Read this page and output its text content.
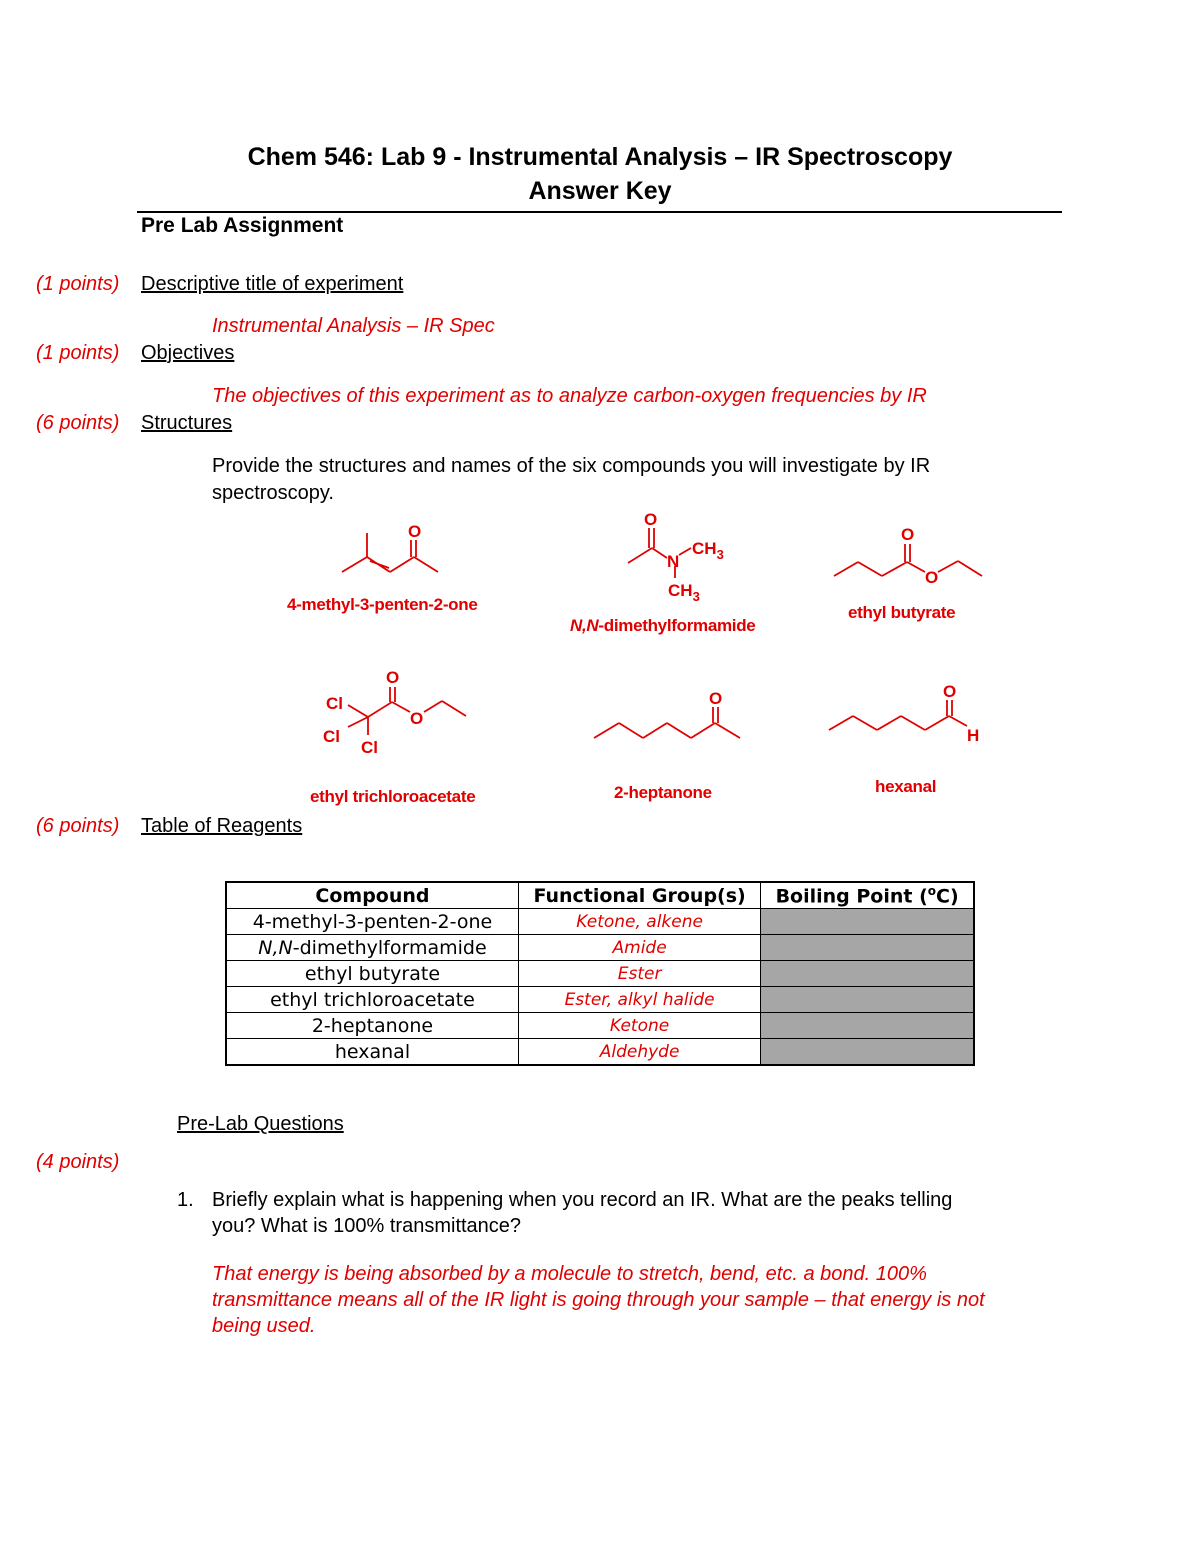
Chem 546: Lab 9 - Instrumental Analysis – IR Spectroscopy
Answer Key
Pre Lab Assignment
(1 points) Descriptive title of experiment
Instrumental Analysis – IR Spec
(1 points) Objectives
The objectives of this experiment as to analyze carbon-oxygen frequencies by IR
(6 points) Structures
Provide the structures and names of the six compounds you will investigate by IR
spectroscopy.
O
4-methyl-3-penten-2-one
O
N
$CH_3$
$CH_3$
N,N-dimethylformamide
O
O
ethyl butyrate
O
O
Cl
Cl
Cl
ethyl trichloroacetate
O
2-heptanone
O
H
hexanal
(6 points) Table of Reagents
Compound	Functional Group(s)	Boiling Point ($^o$C)
4-methyl-3-penten-2-one	Ketone, alkene	
N,N-dimethylformamide	Amide	
ethyl butyrate	Ester	
ethyl trichloroacetate	Ester, alkyl halide	
2-heptanone	Ketone	
hexanal	Aldehyde	
Pre-Lab Questions
(4 points)
1. Briefly explain what is happening when you record an IR. What are the peaks telling
you? What is 100% transmittance?
That energy is being absorbed by a molecule to stretch, bend, etc. a bond. 100%
transmittance means all of the IR light is going through your sample – that energy is not
being used.
